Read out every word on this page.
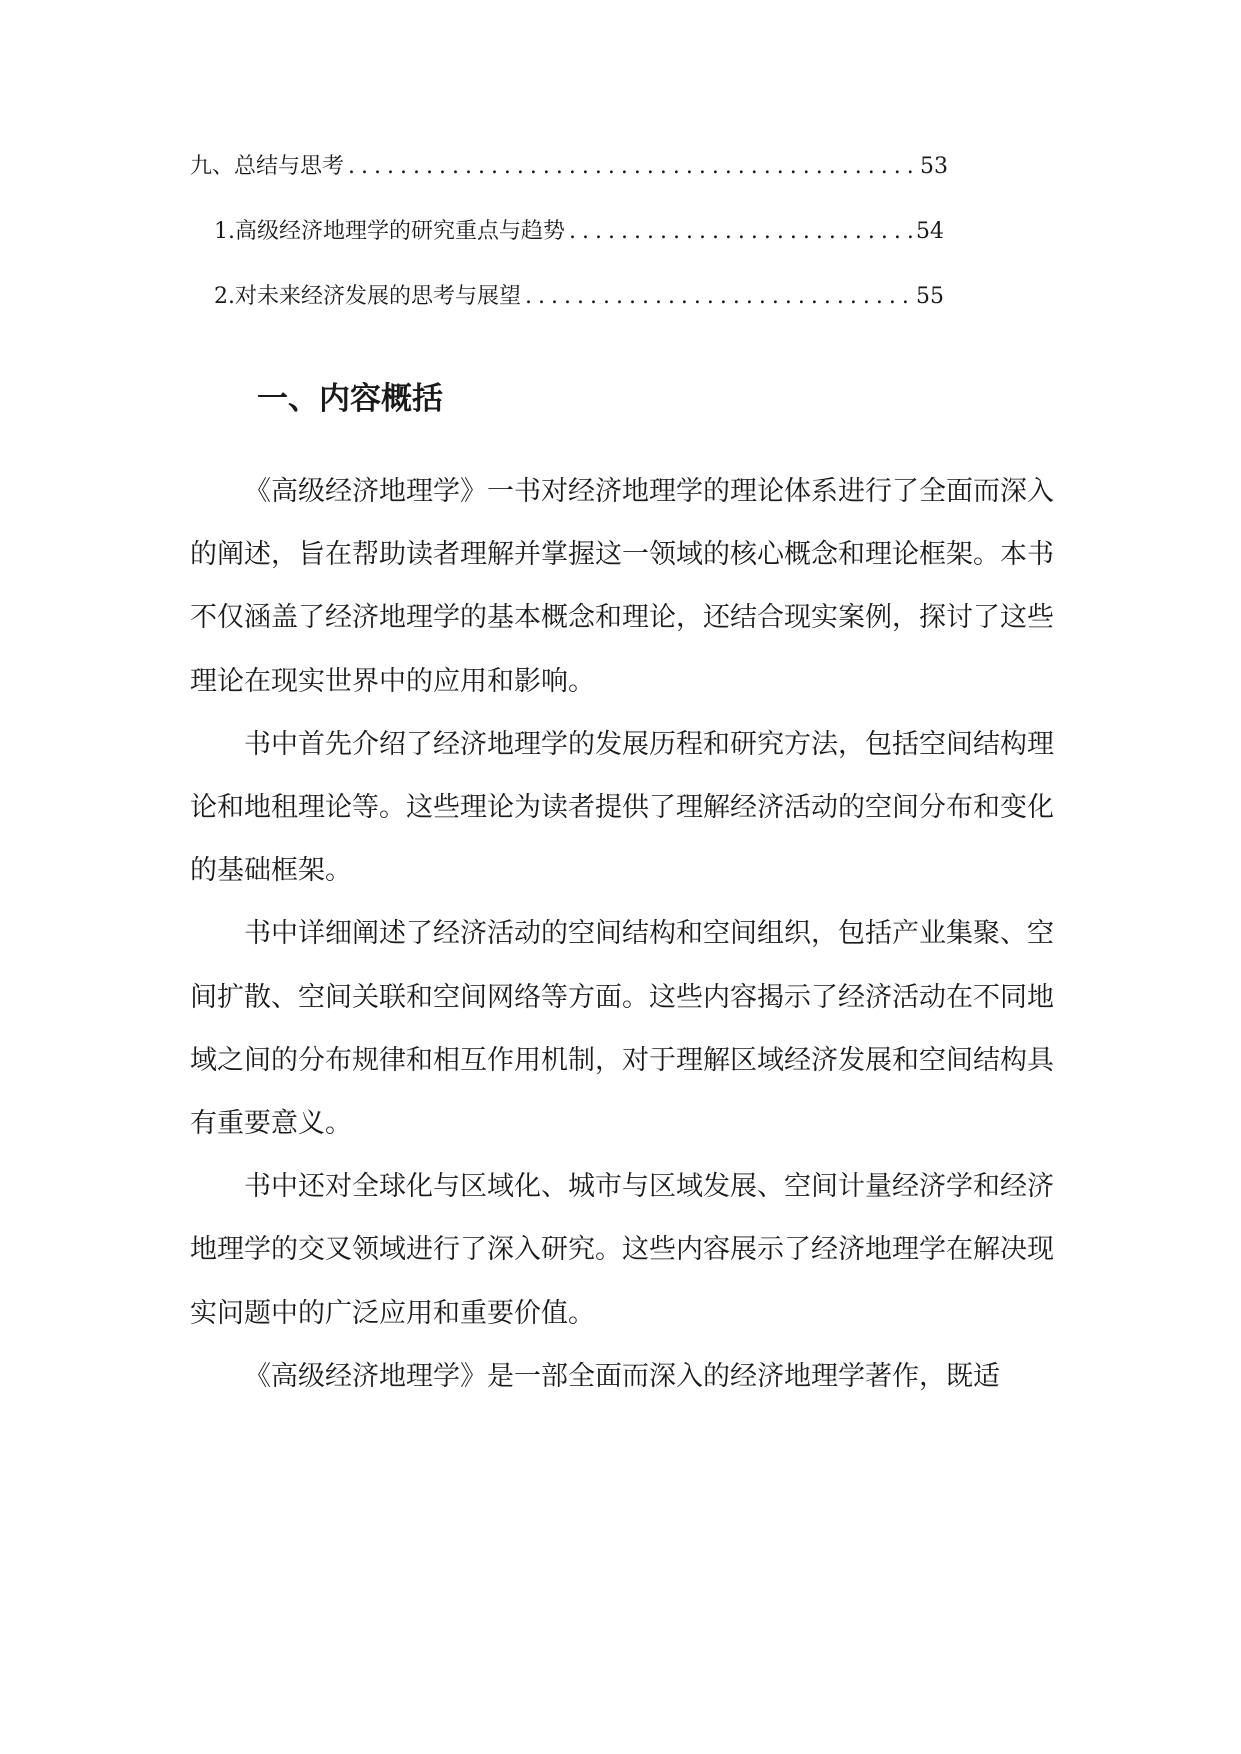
九、总结与思考 .....	53
1. 高级经济地理学的研究重点与趋势 .....	54
2. 对未来经济发展的思考与展望 .....	55
一、内容概括

《高级经济地理学》一书对经济地理学的理论体系进行了全面而深入的阐述，旨在帮助读者理解并掌握这一领域的核心概念和理论框架。本书不仅涵盖了经济地理学的基本概念和理论，还结合现实案例，探讨了这些理论在现实世界中的应用和影响。

书中首先介绍了经济地理学的发展历程和研究方法，包括空间结构理论和地租理论等。这些理论为读者提供了理解经济活动的空间分布和变化的基础框架。

书中详细阐述了经济活动的空间结构和空间组织，包括产业集聚、空间扩散、空间关联和空间网络等方面。这些内容揭示了经济活动在不同地域之间的分布规律和相互作用机制，对于理解区域经济发展和空间结构具有重要意义。

书中还对全球化与区域化、城市与区域发展、空间计量经济学和经济地理学的交叉领域进行了深入研究。这些内容展示了经济地理学在解决现实问题中的广泛应用和重要价值。

《高级经济地理学》是一部全面而深入的经济地理学著作，既适
